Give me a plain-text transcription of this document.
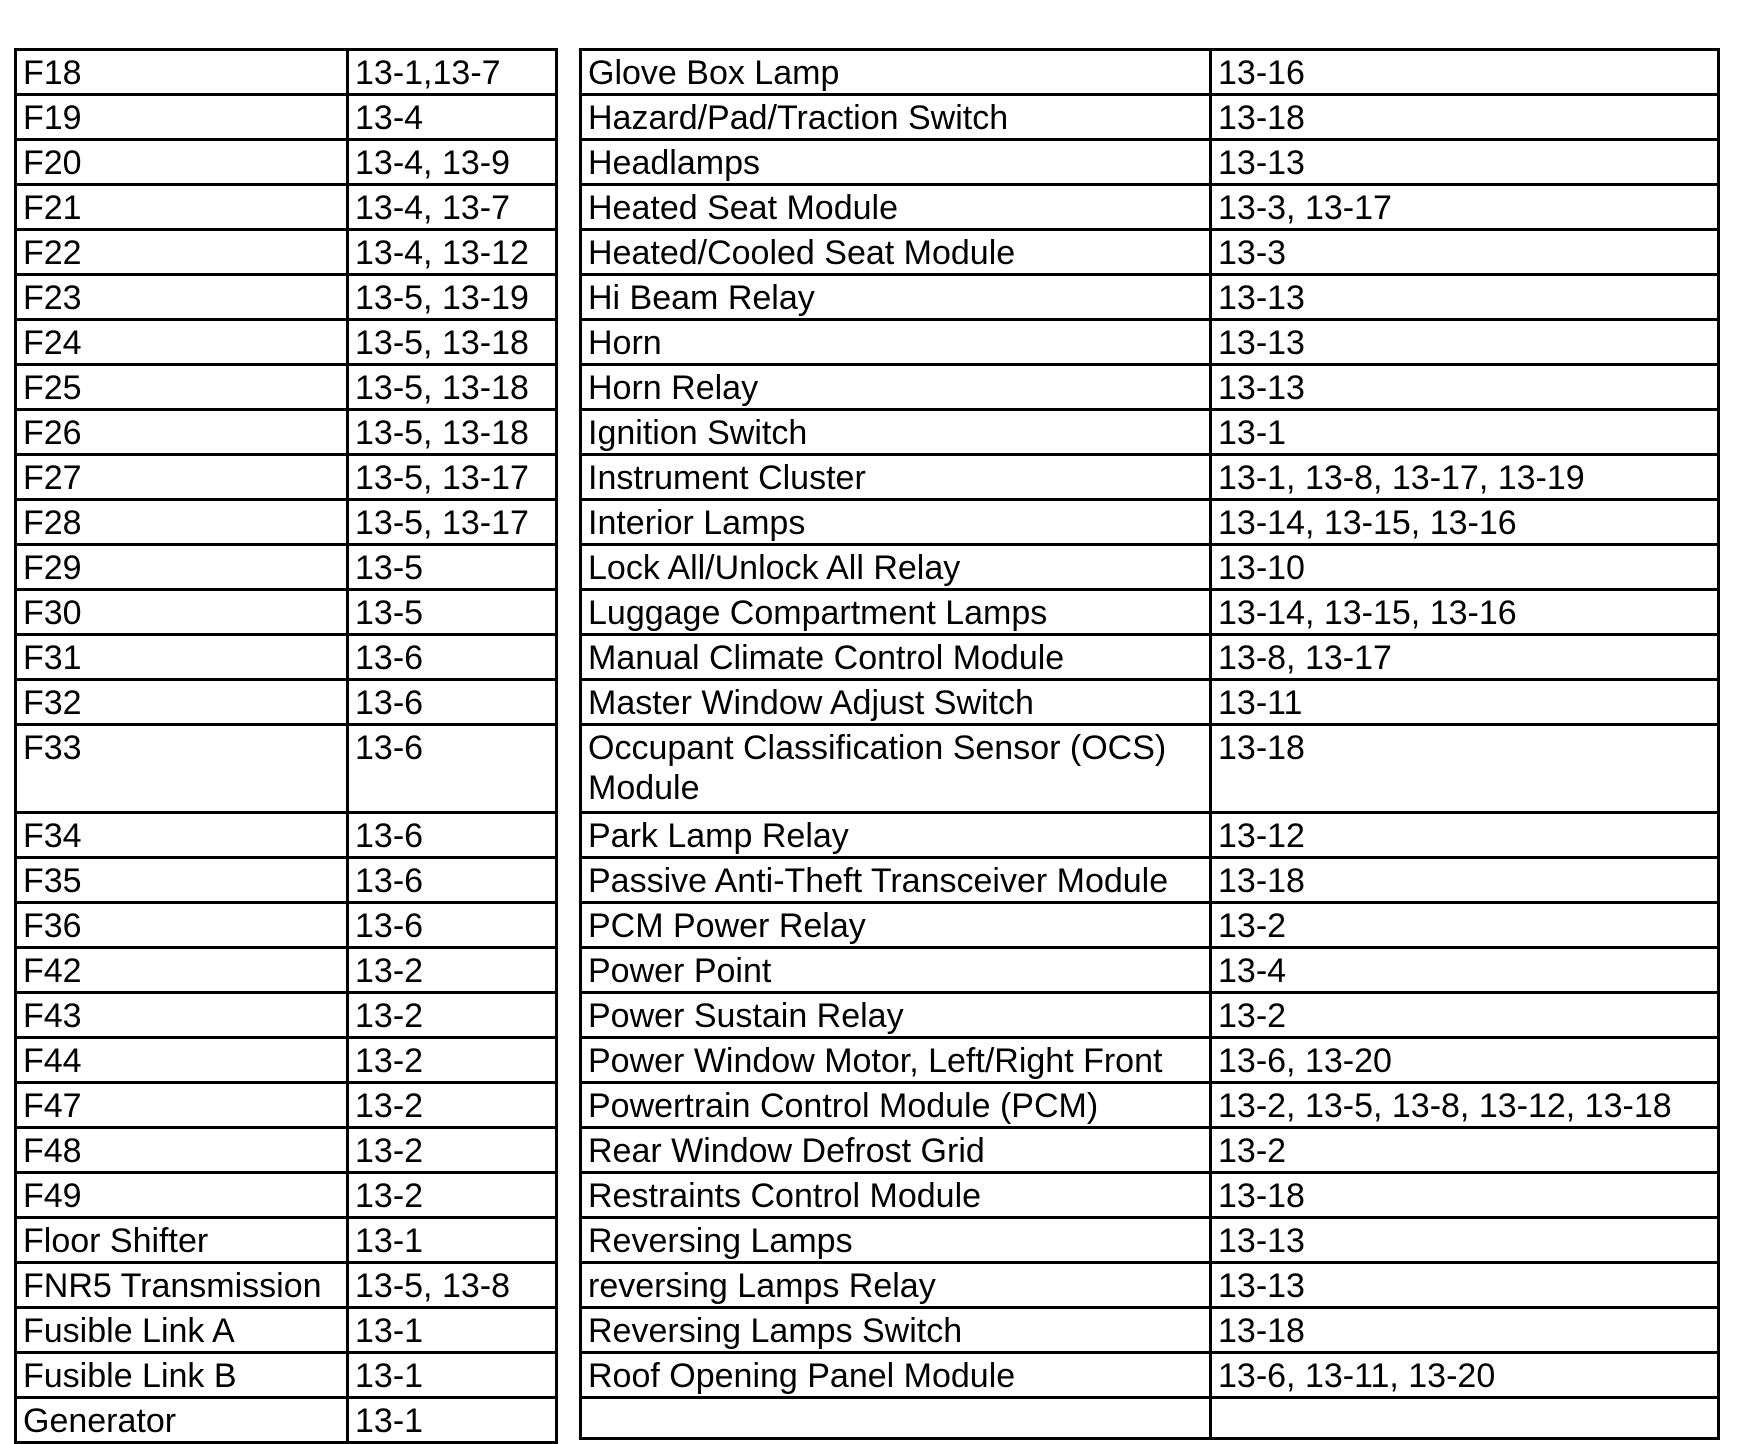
F18	13-1,13-7
F19	13-4
F20	13-4, 13-9
F21	13-4, 13-7
F22	13-4, 13-12
F23	13-5, 13-19
F24	13-5, 13-18
F25	13-5, 13-18
F26	13-5, 13-18
F27	13-5, 13-17
F28	13-5, 13-17
F29	13-5
F30	13-5
F31	13-6
F32	13-6
F33	13-6
F34	13-6
F35	13-6
F36	13-6
F42	13-2
F43	13-2
F44	13-2
F47	13-2
F48	13-2
F49	13-2
Floor Shifter	13-1
FNR5 Transmission	13-5, 13-8
Fusible Link A	13-1
Fusible Link B	13-1
Generator	13-1
Glove Box Lamp	13-16
Hazard/Pad/Traction Switch	13-18
Headlamps	13-13
Heated Seat Module	13-3, 13-17
Heated/Cooled Seat Module	13-3
Hi Beam Relay	13-13
Horn	13-13
Horn Relay	13-13
Ignition Switch	13-1
Instrument Cluster	13-1, 13-8, 13-17, 13-19
Interior Lamps	13-14, 13-15, 13-16
Lock All/Unlock All Relay	13-10
Luggage Compartment Lamps	13-14, 13-15, 13-16
Manual Climate Control Module	13-8, 13-17
Master Window Adjust Switch	13-11
Occupant Classification Sensor (OCS) Module	13-18
Park Lamp Relay	13-12
Passive Anti-Theft Transceiver Module	13-18
PCM Power Relay	13-2
Power Point	13-4
Power Sustain Relay	13-2
Power Window Motor, Left/Right Front	13-6, 13-20
Powertrain Control Module (PCM)	13-2, 13-5, 13-8, 13-12, 13-18
Rear Window Defrost Grid	13-2
Restraints Control Module	13-18
Reversing Lamps	13-13
reversing Lamps Relay	13-13
Reversing Lamps Switch	13-18
Roof Opening Panel Module	13-6, 13-11, 13-20
